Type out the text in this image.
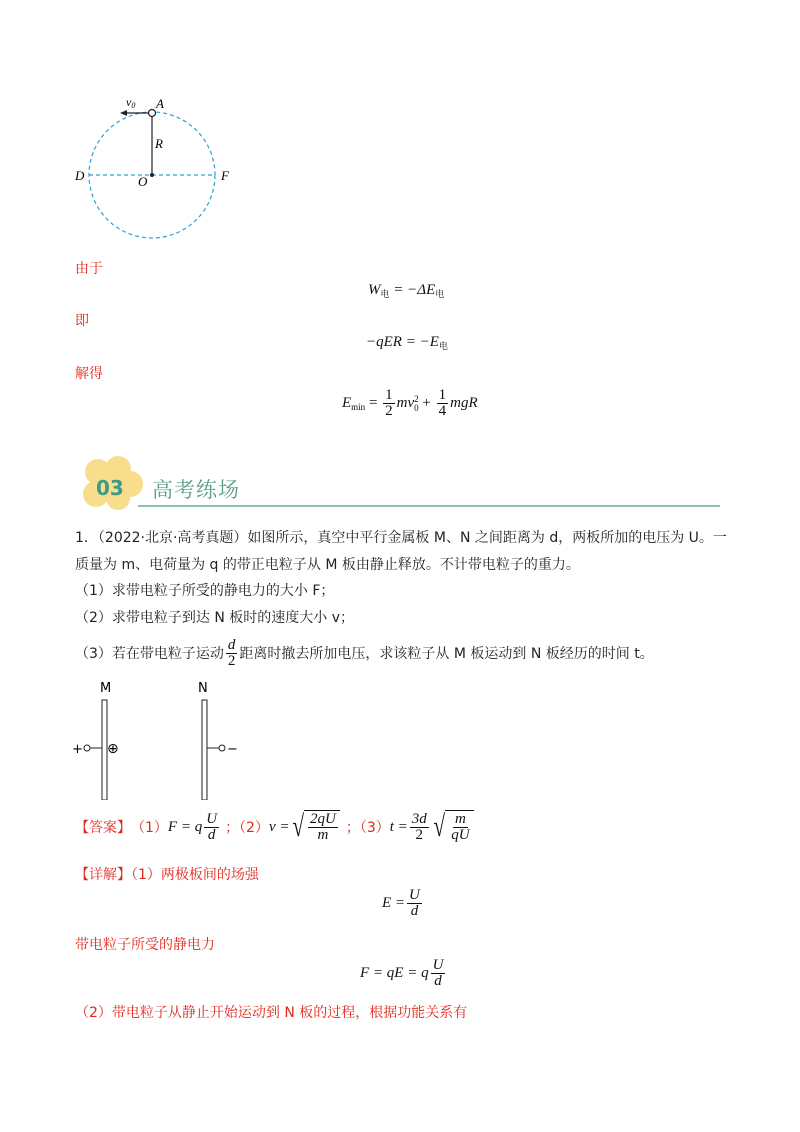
v0 A
R
D	O	F
由于
$W_电 = -\Delta E_电$
即
$-qER = -E_电$
解得
$E_{min} = \frac{1}{2}$ mv 2
$0 + \frac{1}{4}$ mgR
03 高考练场
1．（2022·北京·高考真题）如图所示，真空中平行金属板 M、N 之间距离为 d，两板所加的电压为 U。一
质量为 m、电荷量为 q 的带正电粒子从 M 板由静止释放。不计带电粒子的重力。
（1）求带电粒子所受的静电力的大小 F；
（2）求带电粒子到达 N 板时的速度大小 v；
（3）若在带电粒子运动 $\frac{d}{2}$ 距离时撤去所加电压，求该粒子从 M 板运动到 N 板经历的时间 t。
M	N
+	−
⊕
【答案】 （1） F = q $\frac{U}{d}$ ；（2） v = √ $\frac{2qU}{m}$ ；（3） $t = \frac{3d}{2}$ √ $\frac{m}{qU}$
【详解】（1）两极板间的场强
$E = \frac{U}{d}$
带电粒子所受的静电力
F = qE = q $\frac{U}{d}$
（2）带电粒子从静止开始运动到 N 板的过程，根据功能关系有
